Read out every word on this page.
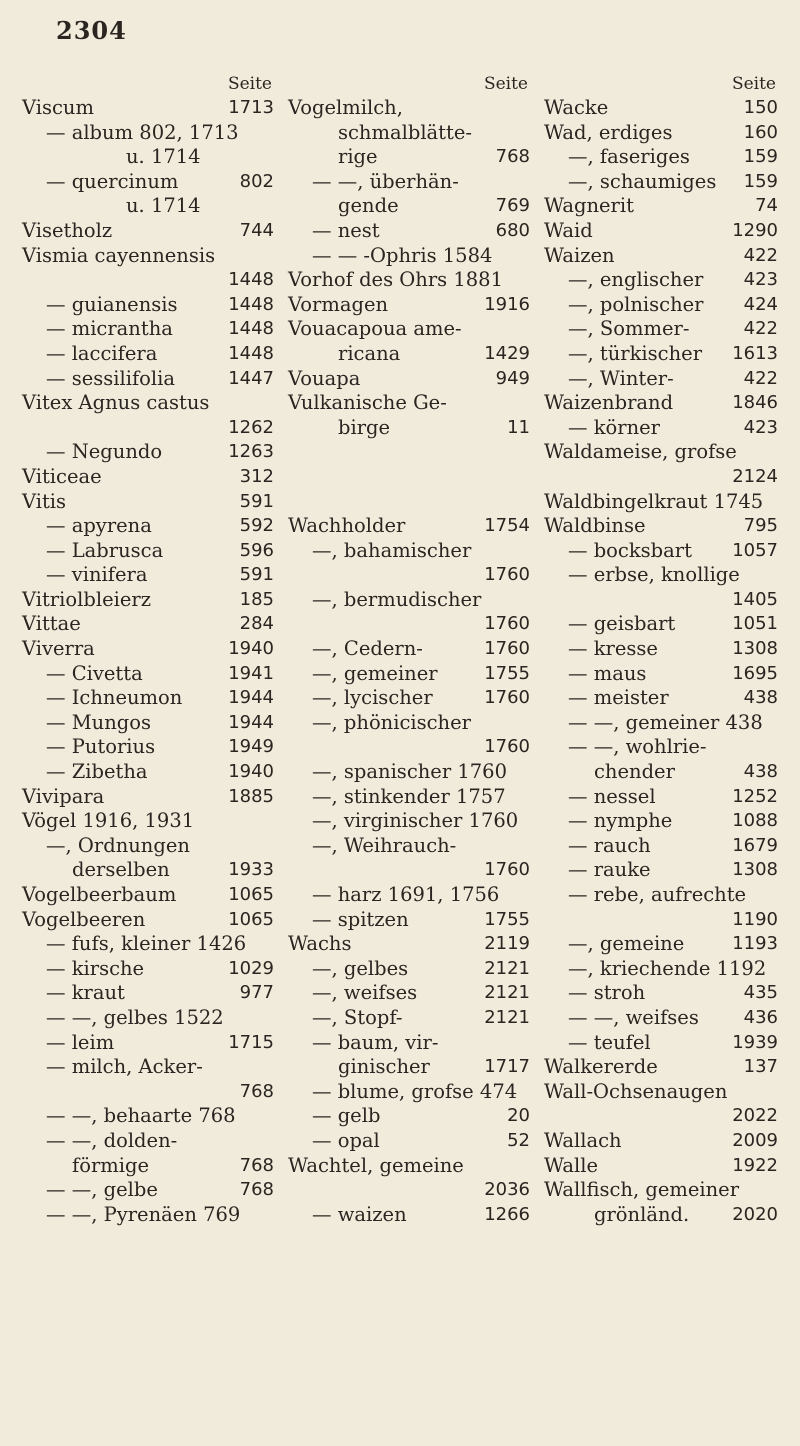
2304
Seite
Viscum	1713
— album 802, 1713
u. 1714
— quercinum	802
u. 1714
Visetholz	744
Vismia cayennensis
1448
— guianensis	1448
— micrantha	1448
— laccifera	1448
— sessilifolia	1447
Vitex Agnus castus
1262
— Negundo	1263
Viticeae	312
Vitis	591
— apyrena	592
— Labrusca	596
— vinifera	591
Vitriolbleierz	185
Vittae	284
Viverra	1940
— Civetta	1941
— Ichneumon	1944
— Mungos	1944
— Putorius	1949
— Zibetha	1940
Vivipara	1885
Vögel 1916, 1931
—, Ordnungen
derselben	1933
Vogelbeerbaum	1065
Vogelbeeren	1065
— fufs, kleiner 1426
— kirsche	1029
— kraut	977
— —, gelbes 1522
— leim	1715
— milch, Acker-
768
— —, behaarte 768
— —, dolden-
förmige	768
— —, gelbe	768
— —, Pyrenäen 769
Seite
Vogelmilch,
schmalblätte-
rige	768
— —, überhän-
gende	769
— nest	680
— — -Ophris 1584
Vorhof des Ohrs 1881
Vormagen	1916
Vouacapoua ame-
ricana	1429
Vouapa	949
Vulkanische Ge-
birge	11
Wachholder	1754
—, bahamischer
1760
—, bermudischer
1760
—, Cedern-	1760
—, gemeiner	1755
—, lycischer	1760
—, phönicischer
1760
—, spanischer 1760
—, stinkender 1757
—, virginischer 1760
—, Weihrauch-
1760
— harz 1691, 1756
— spitzen	1755
Wachs	2119
—, gelbes	2121
—, weifses	2121
—, Stopf-	2121
— baum, vir-
ginischer	1717
— blume, grofse 474
— gelb	20
— opal	52
Wachtel, gemeine
2036
— waizen	1266
Seite
Wacke	150
Wad, erdiges	160
—, faseriges	159
—, schaumiges 159
Wagnerit	74
Waid	1290
Waizen	422
—, englischer 423
—, polnischer 424
—, Sommer-	422
—, türkischer 1613
—, Winter-	422
Waizenbrand	1846
— körner	423
Waldameise, grofse
2124
Waldbingelkraut 1745
Waldbinse	795
— bocksbart 1057
— erbse, knollige
1405
— geisbart	1051
— kresse	1308
— maus	1695
— meister	438
— —, gemeiner 438
— —, wohlrie-
chender	438
— nessel	1252
— nymphe	1088
— rauch	1679
— rauke	1308
— rebe, aufrechte
1190
—, gemeine	1193
—, kriechende 1192
— stroh	435
— —, weifses 436
— teufel	1939
Walkererde	137
Wall-Ochsenaugen
2022
Wallach	2009
Walle	1922
Wallfisch, gemeiner
grönländ. 2020
